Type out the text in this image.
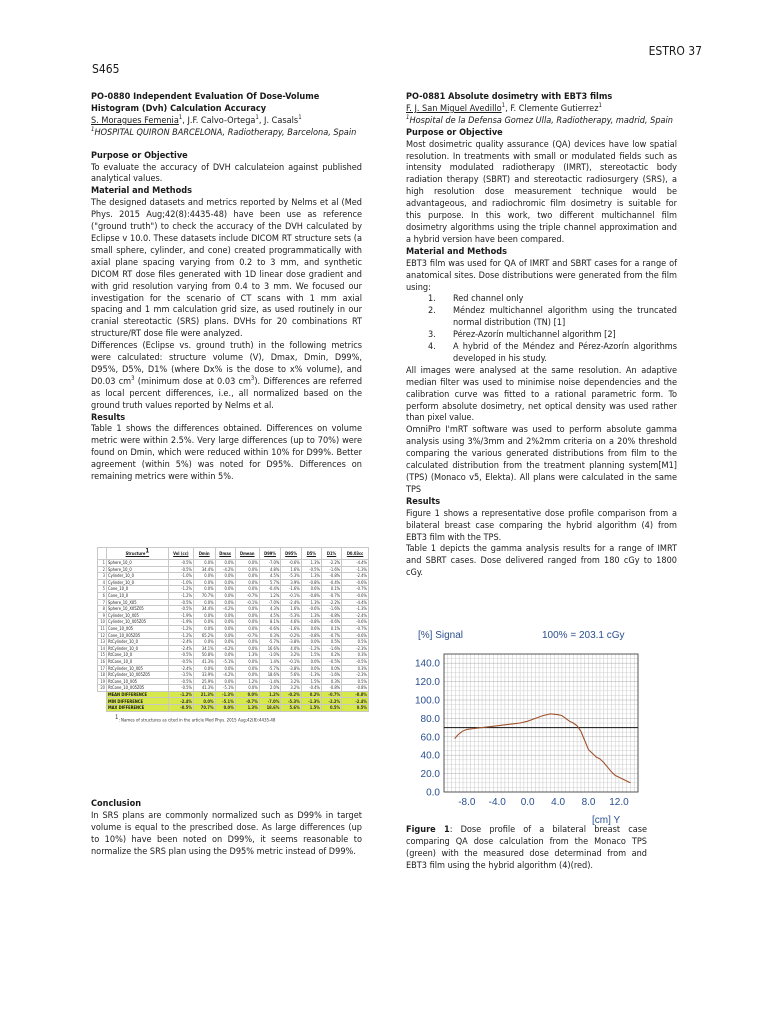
ESTRO 37
S465

PO-0880 Independent Evaluation Of Dose-Volume Histogram (Dvh) Calculation Accuracy

S. Moragues Femenia$^1$, J.F. Calvo-Ortega$^1$, J. Casals$^1$

$^1$HOSPITAL QUIRON BARCELONA, Radiotherapy, Barcelona, Spain

Purpose or Objective

To evaluate the accuracy of DVH calculateion against published analytical values.

Material and Methods

The designed datasets and metrics reported by Nelms et al (Med Phys. 2015 Aug;42(8):4435-48) have been use as reference ("ground truth") to check the accuracy of the DVH calculated by Eclipse v 10.0. These datasets include DICOM RT structure sets (a small sphere, cylinder, and cone) created programmatically with axial plane spacing varying from 0.2 to 3 mm, and synthetic DICOM RT dose files generated with 1D linear dose gradient and with grid resolution varying from 0.4 to 3 mm. We focused our investigation for the scenario of CT scans with 1 mm axial spacing and 1 mm calculation grid size, as used routinely in our cranial stereotactic (SRS) plans. DVHs for 20 combinations RT structure/RT dose file were analyzed.

Differences (Eclipse vs. ground truth) in the following metrics were calculated: structure volume (V), Dmax, Dmin, D99%, D95%, D5%, D1% (where Dx% is the dose to x% volume), and D0.03 $cm^3$ (minimum dose at 0.03 $cm^3$). Differences are referred as local percent differences, i.e., all normalized based on the ground truth values reported by Nelms et al.

Results

Table 1 shows the differences obtained. Differences on volume metric were within 2.5%. Very large differences (up to 70%) were found on Dmin, which were reduced within 10% for D99%. Better agreement (within 5%) was noted for D95%. Differences on remaining metrics were within 5%.

	Structure$^1$	Vol (cc)	Dmin	Dmax	Dmean	D99%	D95%	D5%	D1%	D0.03cc
1	Sphere_10_0	-0.5%	0.0%	0.0%	0.0%	-7.0%	-0.6%	1.3%	-2.2%	-4.4%
2	Sphere_10_0	-0.5%	34.4%	-4.2%	0.0%	4.8%	1.6%	-0.5%	-1.6%	-1.3%
3	Cylinder_10_0	-1.0%	0.0%	0.0%	0.0%	4.5%	-5.3%	1.3%	-0.8%	-2.4%
4	Cylinder_10_0	-1.0%	0.0%	0.0%	0.0%	5.7%	3.9%	-0.8%	-0.4%	-0.6%
5	Cone_10_0	-1.2%	0.0%	0.0%	0.0%	-0.4%	-1.6%	0.6%	0.1%	-0.7%
6	Cone_10_0	-1.2%	70.7%	0.0%	-0.7%	1.2%	-0.1%	-0.8%	-0.7%	-0.6%
7	Sphere_10_X05	-0.5%	0.0%	0.0%	-0.1%	-7.0%	-2.4%	1.3%	-2.2%	-4.4%
8	Sphere_10_X05Z05	-0.5%	34.4%	-4.2%	0.0%	4.3%	1.6%	-0.6%	-1.6%	-1.3%
9	Cylinder_10_X05	-1.9%	0.0%	0.0%	0.0%	4.5%	-5.3%	1.3%	-0.8%	-2.4%
10	Cylinder_10_X05Z05	-1.9%	0.0%	0.0%	0.0%	8.1%	4.6%	-0.8%	-0.6%	-0.6%
11	Cone_10_X05	-1.2%	0.0%	0.0%	0.0%	-0.6%	-1.6%	0.6%	0.1%	-0.7%
12	Cone_10_X05Z05	-1.2%	65.2%	0.0%	-0.7%	0.3%	-0.2%	-0.8%	-0.7%	-0.6%
13	RtCylinder_10_0	-2.4%	0.0%	0.0%	0.0%	-5.7%	-3.8%	0.0%	0.5%	0.5%
14	RtCylinder_10_0	-2.4%	34.1%	-4.2%	0.0%	16.6%	4.0%	-1.2%	-1.6%	-2.3%
15	RtCone_10_0	-0.5%	50.8%	0.0%	1.3%	-1.0%	3.2%	1.5%	0.2%	0.3%
16	RtCone_10_0	-0.5%	41.3%	-5.1%	0.0%	1.4%	-0.1%	0.0%	-0.5%	-0.5%
17	RtCylinder_10_X05	-2.4%	0.0%	0.0%	0.0%	-5.7%	-3.8%	0.0%	0.0%	0.3%
18	RtCylinder_10_X05Z05	-3.5%	33.9%	-4.2%	0.0%	18.6%	5.6%	-1.3%	-1.6%	-2.3%
19	RtCone_10_X05	-0.5%	25.9%	0.0%	1.2%	-1.4%	3.2%	1.5%	0.3%	0.5%
20	RtCone_10_X05Z05	-0.5%	41.3%	-5.1%	0.0%	2.0%	3.2%	-0.4%	-0.8%	-0.8%
	MEAN DIFFERENCE	-1.2%	21.3%	-1.3%	0.0%	1.2%	-0.2%	0.2%	-0.7%	-0.8%
	MIN DIFFERENCE	-2.4%	0.0%	-5.1%	-0.7%	-7.0%	-5.3%	-1.3%	-2.2%	-2.4%
	MAX DIFFERENCE	-0.5%	70.7%	0.0%	1.3%	18.6%	5.6%	1.5%	0.5%	0.5%
$^1$: Names of structures as cited in the article Med Phys. 2015 Aug;42(8):4435-48

Conclusion

In SRS plans are commonly normalized such as D99% in target volume is equal to the prescribed dose. As large differences (up to 10%) have been noted on D99%, it seems reasonable to normalize the SRS plan using the D95% metric instead of D99%.

PO-0881 Absolute dosimetry with EBT3 films

F. J. San Miguel Avedillo$^1$, F. Clemente Gutierrez$^1$

$^1$Hospital de la Defensa Gomez Ulla, Radiotherapy, madrid, Spain

Purpose or Objective

Most dosimetric quality assurance (QA) devices have low spatial resolution. In treatments with small or modulated fields such as intensity modulated radiotherapy (IMRT), stereotactic body radiation therapy (SBRT) and stereotactic radiosurgery (SRS), a high resolution dose measurement technique would be advantageous, and radiochromic film dosimetry is suitable for this purpose. In this work, two different multichannel film dosimetry algorithms using the triple channel approximation and a hybrid version have been compared.

Material and Methods

EBT3 film was used for QA of IMRT and SBRT cases for a range of anatomical sites. Dose distributions were generated from the film using:

1. Red channel only
2. Méndez multichannel algorithm using the truncated normal distribution (TN) [1]
3. Pérez-Azorín multichannel algorithm [2]
4. A hybrid of the Méndez and Pérez-Azorín algorithms developed in his study.

All images were analysed at the same resolution. An adaptive median filter was used to minimise noise dependencies and the calibration curve was fitted to a rational parametric form. To perform absolute dosimetry, net optical density was used rather than pixel value.

OmniPro I'mRT software was used to perform absolute gamma analysis using 3%/3mm and 2%2mm criteria on a 20% threshold comparing the various generated distributions from film to the calculated distribution from the treatment planning system[M1] (TPS) (Monaco v5, Elekta). All plans were calculated in the same TPS

Results

Figure 1 shows a representative dose profile comparison from a bilateral breast case comparing the hybrid algorithm (4) from EBT3 film with the TPS.

Table 1 depicts the gamma analysis results for a range of IMRT and SBRT cases. Dose delivered ranged from 180 cGy to 1800 cGy.

[%] Signal	100% = 203.1 cGy
0.0
20.0
40.0
60.0
80.0
100.0
120.0
140.0
-8.0 -4.0 0.0 4.0 8.0 12.0
[cm] Y
Figure 1: Dose profile of a bilateral breast case comparing QA dose calculation from the Monaco TPS (green) with the measured dose determinad from and EBT3 film using the hybrid algorithm (4)(red).
